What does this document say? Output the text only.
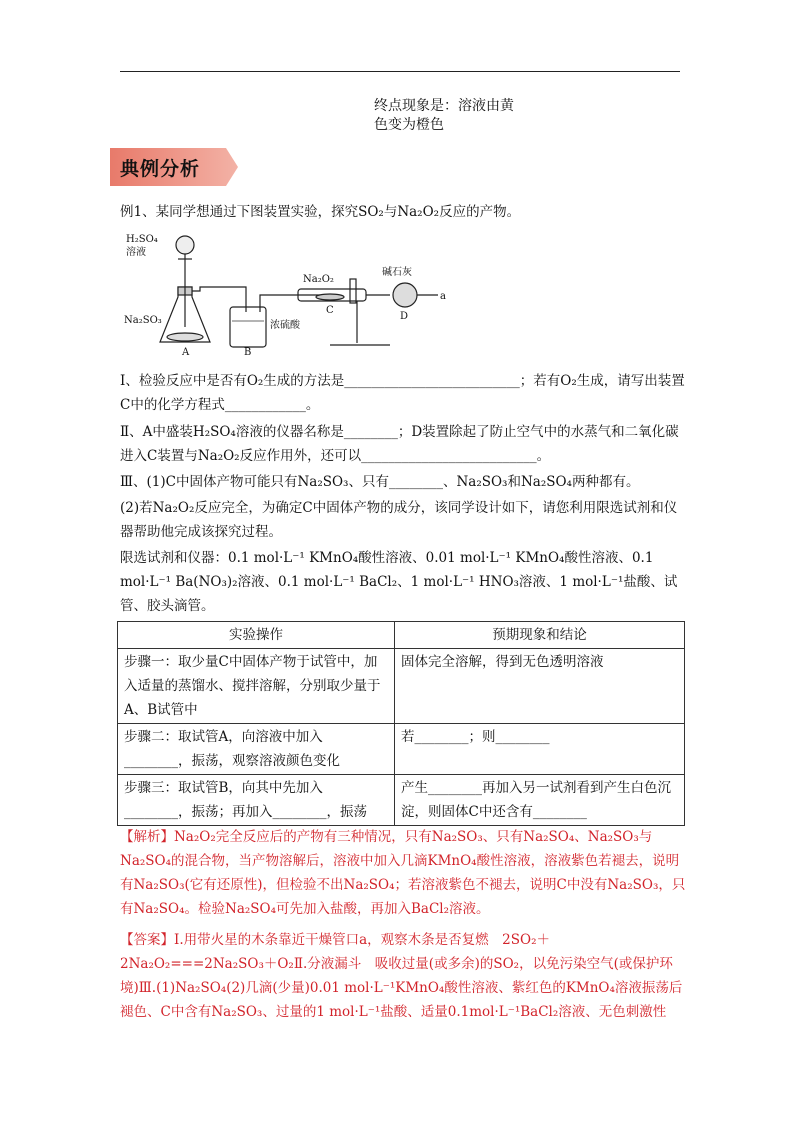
终点现象是：溶液由黄
色变为橙色
典例分析
例1、某同学想通过下图装置实验，探究SO₂与Na₂O₂反应的产物。
H₂SO₄
溶液
Na₂O₂
碱石灰
Na₂SO₃	浓硫酸
A	B
C
D
a
Ⅰ、检验反应中是否有O₂生成的方法是__________________________；若有O₂生成，请写出装置C中的化学方程式____________。
Ⅱ、A中盛装H₂SO₄溶液的仪器名称是________；D装置除起了防止空气中的水蒸气和二氧化碳进入C装置与Na₂O₂反应作用外，还可以__________________________。
Ⅲ、(1)C中固体产物可能只有Na₂SO₃、只有________、Na₂SO₃和Na₂SO₄两种都有。
(2)若Na₂O₂反应完全，为确定C中固体产物的成分，该同学设计如下，请您利用限选试剂和仪器帮助他完成该探究过程。
限选试剂和仪器：0.1 mol·L⁻¹ KMnO₄酸性溶液、0.01 mol·L⁻¹ KMnO₄酸性溶液、0.1 mol·L⁻¹ Ba(NO₃)₂溶液、0.1 mol·L⁻¹ BaCl₂、1 mol·L⁻¹ HNO₃溶液、1 mol·L⁻¹盐酸、试管、胶头滴管。
实验操作	预期现象和结论
步骤一：取少量C中固体产物于试管中，加入适量的蒸馏水、搅拌溶解，分别取少量于A、B试管中	固体完全溶解，得到无色透明溶液
步骤二：取试管A，向溶液中加入________，振荡，观察溶液颜色变化	若________；则________
步骤三：取试管B，向其中先加入________，振荡；再加入________，振荡	产生________再加入另一试剂看到产生白色沉淀，则固体C中还含有________
【解析】Na₂O₂完全反应后的产物有三种情况，只有Na₂SO₃、只有Na₂SO₄、Na₂SO₃与Na₂SO₄的混合物，当产物溶解后，溶液中加入几滴KMnO₄酸性溶液，溶液紫色若褪去，说明有Na₂SO₃(它有还原性)，但检验不出Na₂SO₄；若溶液紫色不褪去，说明C中没有Na₂SO₃，只有Na₂SO₄。检验Na₂SO₄可先加入盐酸，再加入BaCl₂溶液。
【答案】Ⅰ.用带火星的木条靠近干燥管口a，观察木条是否复燃　2SO₂＋2Na₂O₂===2Na₂SO₃＋O₂Ⅱ.分液漏斗　吸收过量(或多余)的SO₂，以免污染空气(或保护环境)Ⅲ.(1)Na₂SO₄(2)几滴(少量)0.01 mol·L⁻¹KMnO₄酸性溶液、紫红色的KMnO₄溶液振荡后褪色、C中含有Na₂SO₃、过量的1 mol·L⁻¹盐酸、适量0.1mol·L⁻¹BaCl₂溶液、无色刺激性
